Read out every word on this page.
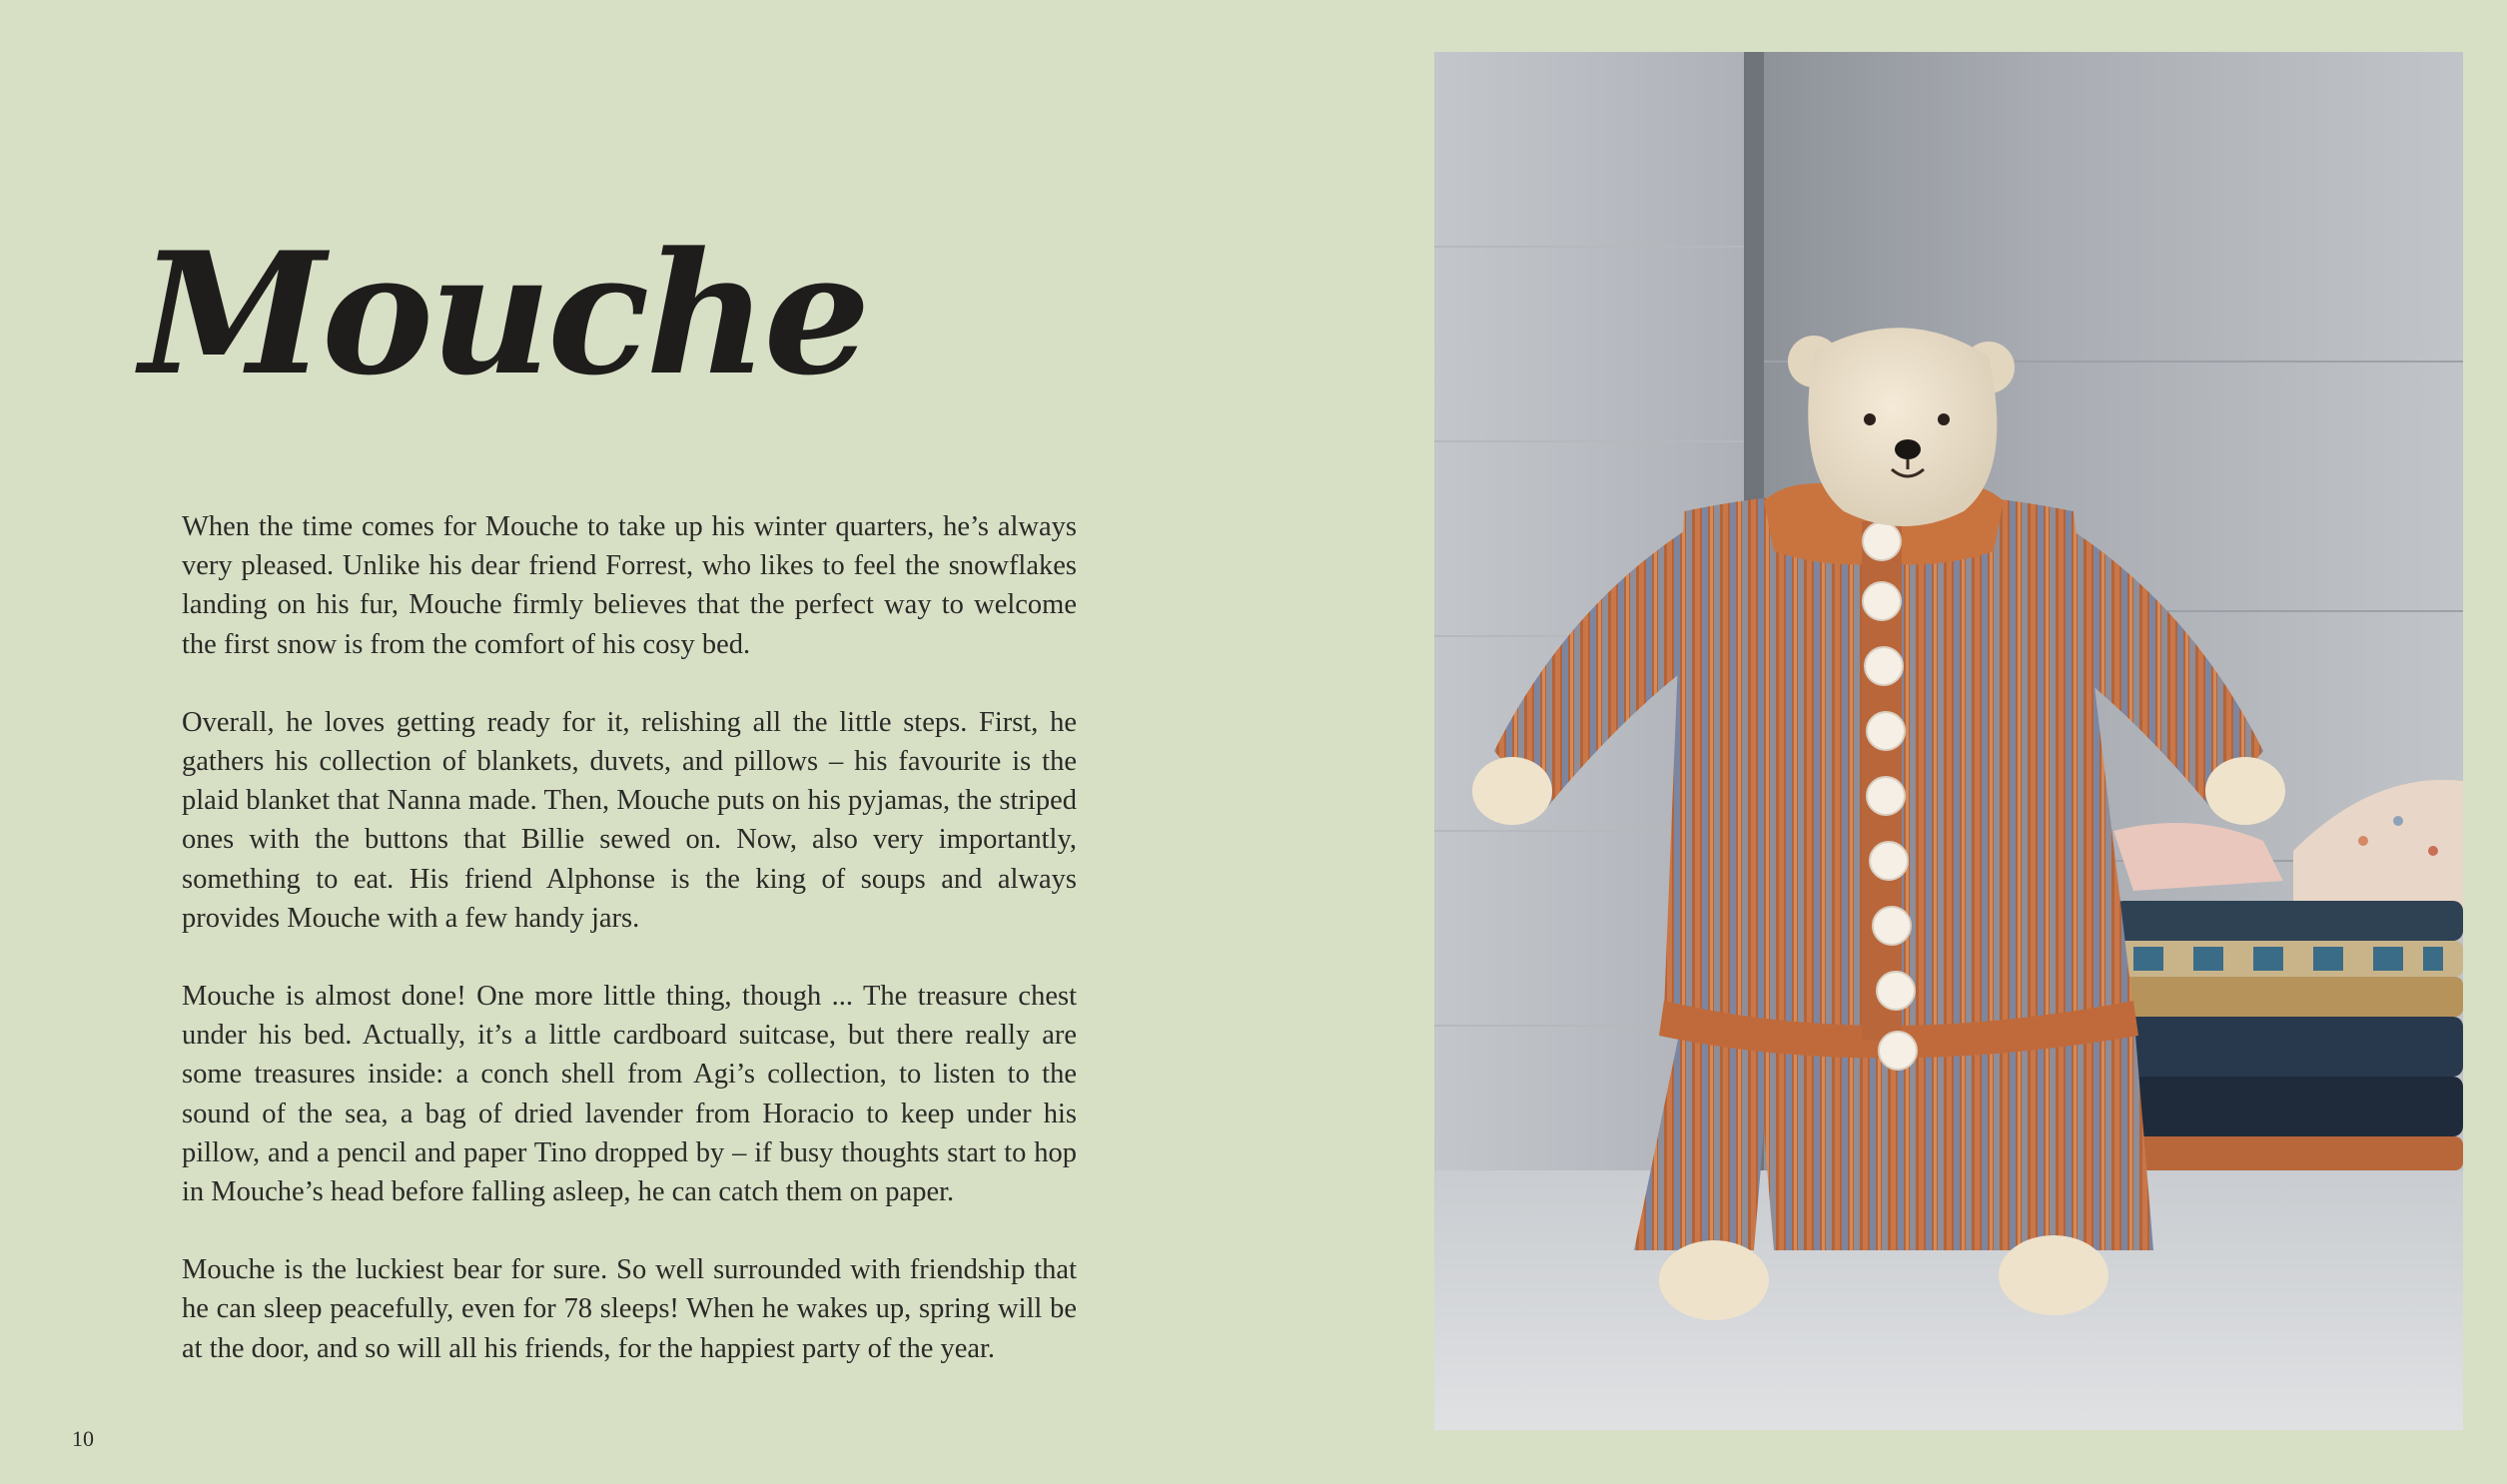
Mouche

When the time comes for Mouche to take up his winter quarters, he’s always very pleased. Unlike his dear friend Forrest, who likes to feel the snowflakes landing on his fur, Mouche firmly believes that the perfect way to welcome the first snow is from the comfort of his cosy bed.

Overall, he loves getting ready for it, relishing all the little steps. First, he gathers his collection of blankets, duvets, and pillows – his favourite is the plaid blanket that Nanna made. Then, Mouche puts on his pyjamas, the striped ones with the buttons that Billie sewed on. Now, also very importantly, something to eat. His friend Alphonse is the king of soups and always provides Mouche with a few handy jars.

Mouche is almost done! One more little thing, though ... The treasure chest under his bed. Actually, it’s a little cardboard suitcase, but there really are some treasures inside: a conch shell from Agi’s collection, to listen to the sound of the sea, a bag of dried lavender from Horacio to keep under his pillow, and a pencil and paper Tino dropped by – if busy thoughts start to hop in Mouche’s head before falling asleep, he can catch them on paper.

Mouche is the luckiest bear for sure. So well surrounded with friendship that he can sleep peacefully, even for 78 sleeps! When he wakes up, spring will be at the door, and so will all his friends, for the happiest party of the year.

10
